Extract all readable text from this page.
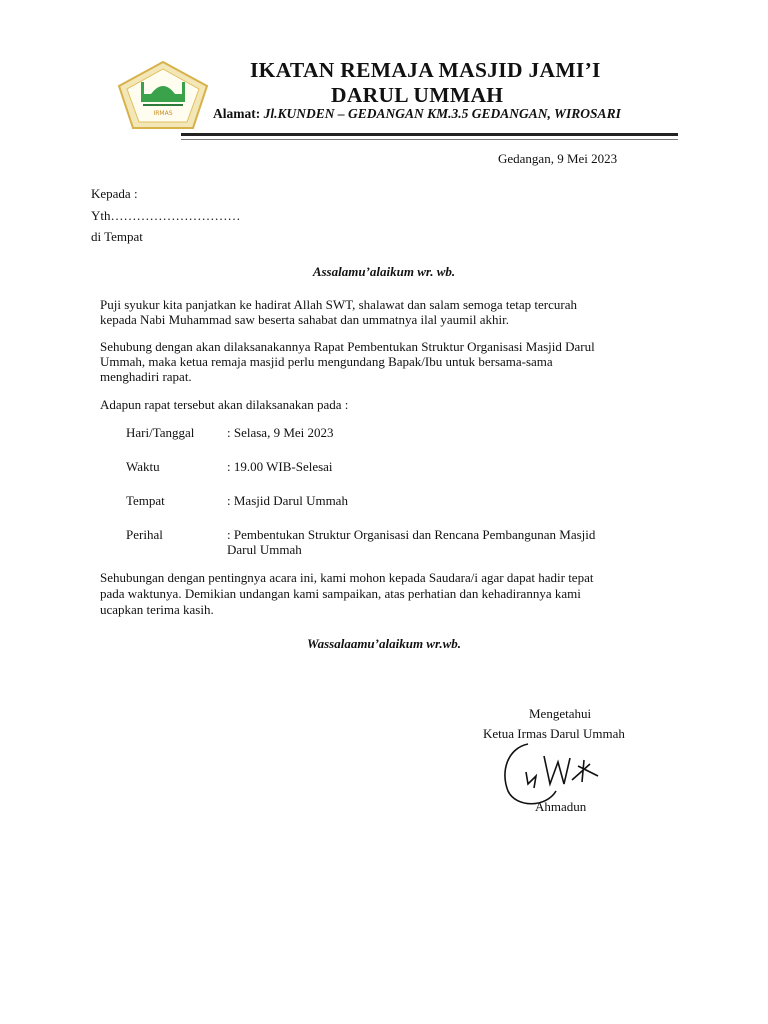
IRMAS
IKATAN REMAJA MASJID JAMI’I
DARUL UMMAH
Alamat: Jl.KUNDEN – GEDANGAN KM.3.5 GEDANGAN, WIROSARI
Gedangan, 9 Mei 2023
Kepada :
Yth…………………………
di Tempat
Assalamu’alaikum wr. wb.
Puji syukur kita panjatkan ke hadirat Allah SWT, shalawat dan salam semoga tetap tercurah
kepada Nabi Muhammad saw beserta sahabat dan ummatnya ilal yaumil akhir.
Sehubung dengan akan dilaksanakannya Rapat Pembentukan Struktur Organisasi Masjid Darul
Ummah, maka ketua remaja masjid perlu mengundang Bapak/Ibu untuk bersama-sama
menghadiri rapat.
Adapun rapat tersebut akan dilaksanakan pada :
Hari/Tanggal	: Selasa, 9 Mei 2023
Waktu	: 19.00 WIB-Selesai
Tempat	: Masjid Darul Ummah
Perihal	: Pembentukan Struktur Organisasi dan Rencana Pembangunan Masjid
Darul Ummah
Sehubungan dengan pentingnya acara ini, kami mohon kepada Saudara/i agar dapat hadir tepat
pada waktunya. Demikian undangan kami sampaikan, atas perhatian dan kehadirannya kami
ucapkan terima kasih.
Wassalaamu’alaikum wr.wb.
Mengetahui
Ketua Irmas Darul Ummah
Ahmadun
